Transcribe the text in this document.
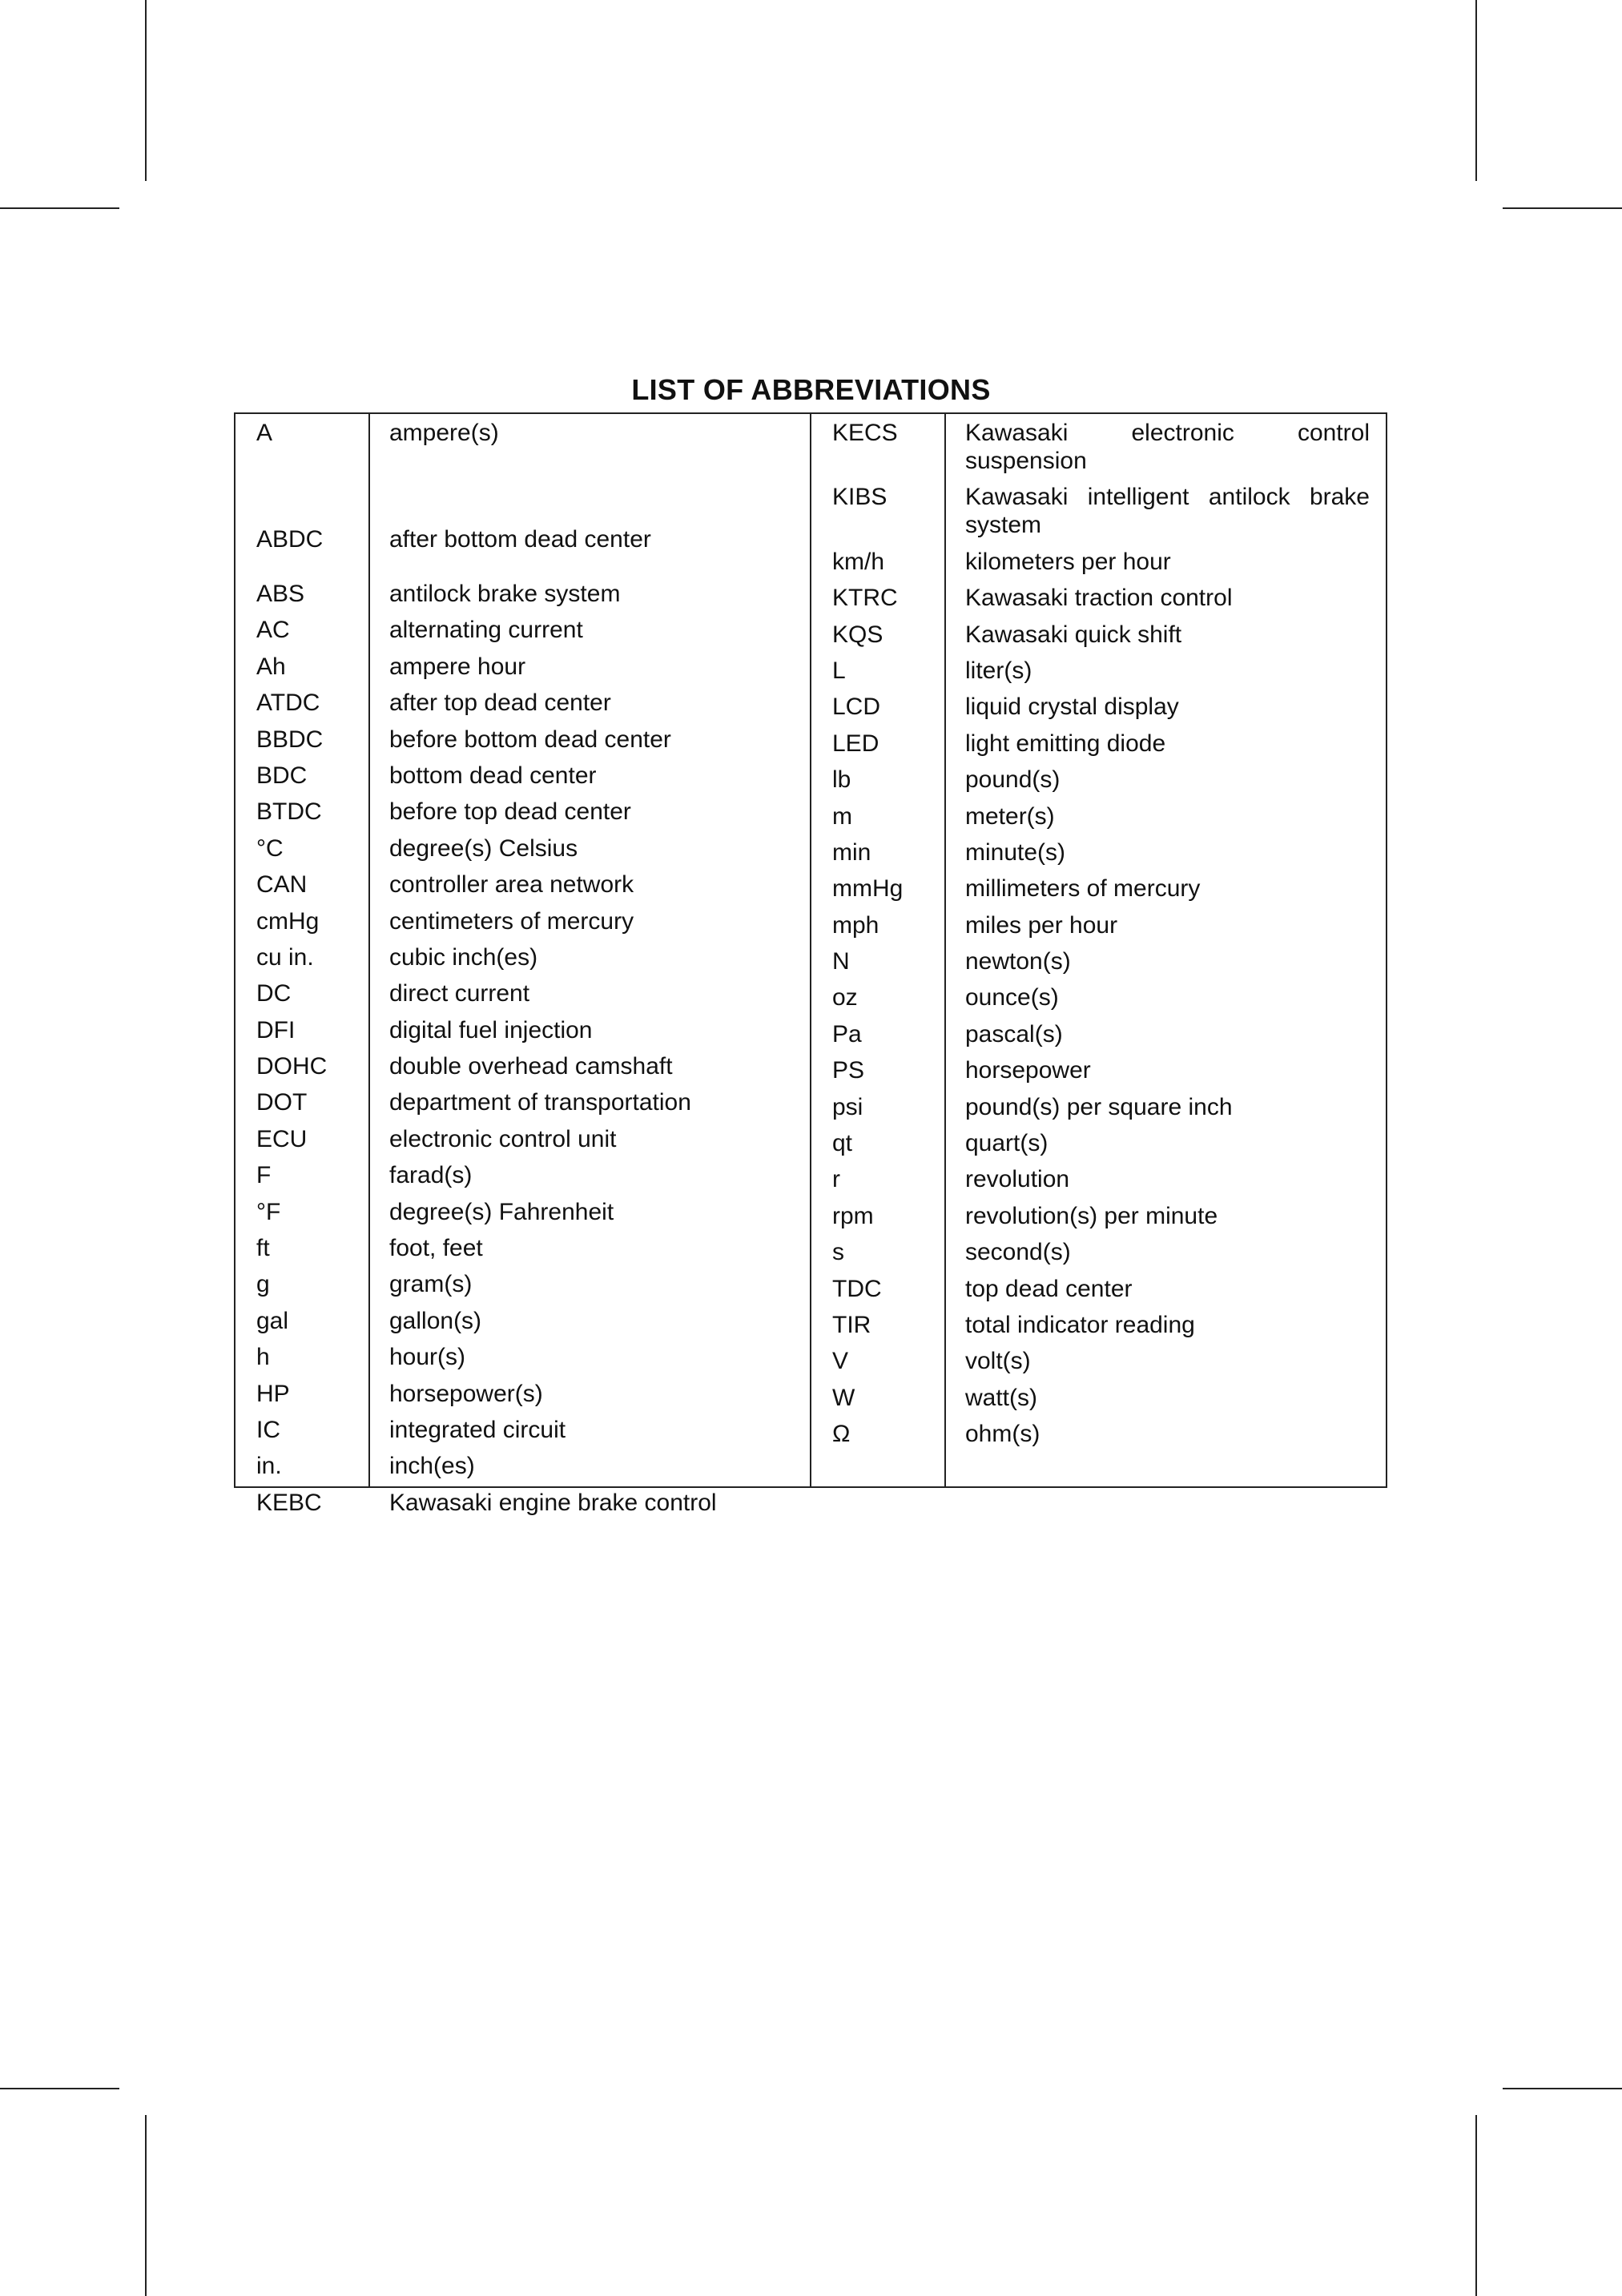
LIST OF ABBREVIATIONS
A	ampere(s)
ABDC	after bottom dead center
ABS	antilock brake system
AC	alternating current
Ah	ampere hour
ATDC	after top dead center
BBDC	before bottom dead center
BDC	bottom dead center
BTDC	before top dead center
°C	degree(s) Celsius
CAN	controller area network
cmHg	centimeters of mercury
cu in.	cubic inch(es)
DC	direct current
DFI	digital fuel injection
DOHC	double overhead camshaft
DOT	department of transportation
ECU	electronic control unit
F	farad(s)
°F	degree(s) Fahrenheit
ft	foot, feet
g	gram(s)
gal	gallon(s)
h	hour(s)
HP	horsepower(s)
IC	integrated circuit
in.	inch(es)
KEBC	Kawasaki engine brake control
KECS	Kawasaki electronic control
suspension
KIBS	Kawasaki intelligent antilock brake
system
km/h	kilometers per hour
KTRC	Kawasaki traction control
KQS	Kawasaki quick shift
L	liter(s)
LCD	liquid crystal display
LED	light emitting diode
lb	pound(s)
m	meter(s)
min	minute(s)
mmHg	millimeters of mercury
mph	miles per hour
N	newton(s)
oz	ounce(s)
Pa	pascal(s)
PS	horsepower
psi	pound(s) per square inch
qt	quart(s)
r	revolution
rpm	revolution(s) per minute
s	second(s)
TDC	top dead center
TIR	total indicator reading
V	volt(s)
W	watt(s)
Ω	ohm(s)
